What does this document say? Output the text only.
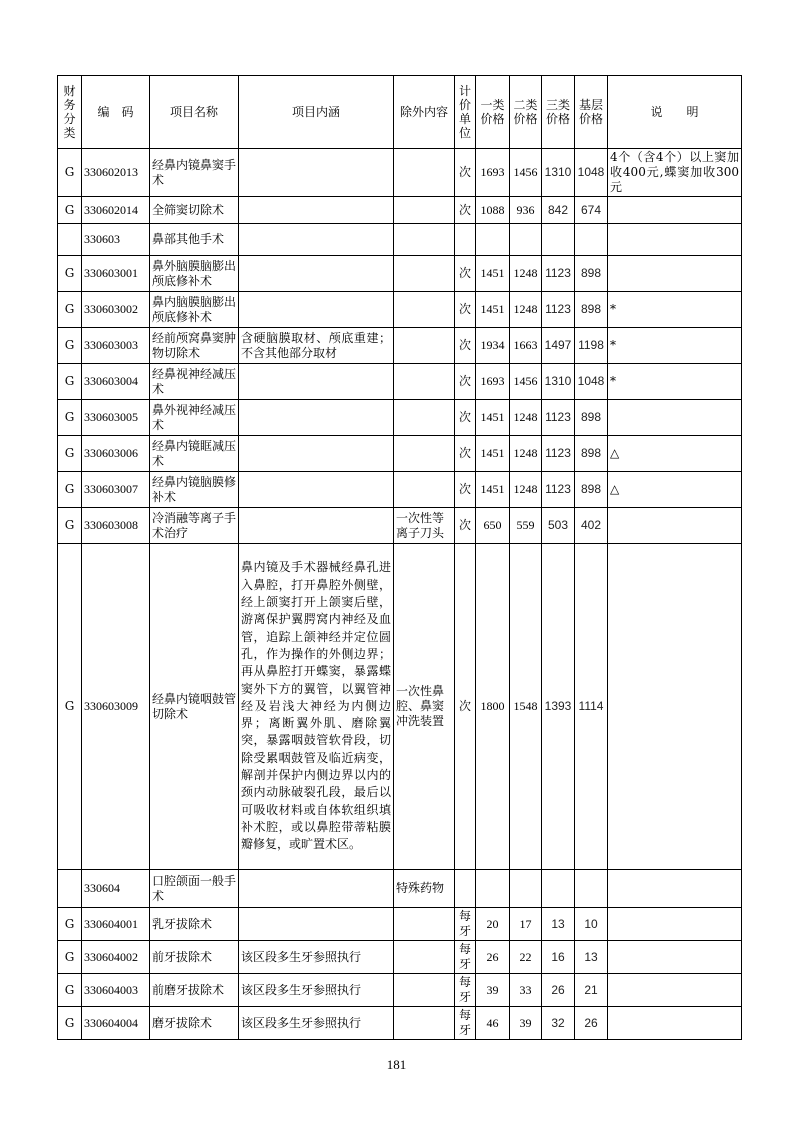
财务分类	编　码	项目名称	项目内涵	除外内容	计价单位	一类价格	二类价格	三类价格	基层价格	说　　明
G	330602013	经鼻内镜鼻窦手术			次	1693	1456	1310	1048	4个（含4个）以上窦加收400元,蝶窦加收300元
G	330602014	全筛窦切除术			次	1088	936	842	674	
	330603	鼻部其他手术								
G	330603001	鼻外脑膜脑膨出颅底修补术			次	1451	1248	1123	898	
G	330603002	鼻内脑膜脑膨出颅底修补术			次	1451	1248	1123	898	*
G	330603003	经前颅窝鼻窦肿物切除术	含硬脑膜取材、颅底重建；不含其他部分取材		次	1934	1663	1497	1198	*
G	330603004	经鼻视神经减压术			次	1693	1456	1310	1048	*
G	330603005	鼻外视神经减压术			次	1451	1248	1123	898	
G	330603006	经鼻内镜眶减压术			次	1451	1248	1123	898	△
G	330603007	经鼻内镜脑膜修补术			次	1451	1248	1123	898	△
G	330603008	冷消融等离子手术治疗		一次性等离子刀头	次	650	559	503	402	
G	330603009	经鼻内镜咽鼓管切除术	鼻内镜及手术器械经鼻孔进入鼻腔，打开鼻腔外侧壁，经上颌窦打开上颌窦后壁，游离保护翼腭窝内神经及血管，追踪上颌神经并定位圆孔，作为操作的外侧边界；再从鼻腔打开蝶窦，暴露蝶窦外下方的翼管，以翼管神经及岩浅大神经为内侧边界；离断翼外肌、磨除翼突，暴露咽鼓管软骨段，切除受累咽鼓管及临近病变，解剖并保护内侧边界以内的颈内动脉破裂孔段，最后以可吸收材料或自体软组织填补术腔，或以鼻腔带蒂粘膜瓣修复，或旷置术区。	一次性鼻腔、鼻窦冲洗装置	次	1800	1548	1393	1114	
	330604	口腔颌面一般手术		特殊药物						
G	330604001	乳牙拔除术			每牙	20	17	13	10	
G	330604002	前牙拔除术	该区段多生牙参照执行		每牙	26	22	16	13	
G	330604003	前磨牙拔除术	该区段多生牙参照执行		每牙	39	33	26	21	
G	330604004	磨牙拔除术	该区段多生牙参照执行		每牙	46	39	32	26	
181
